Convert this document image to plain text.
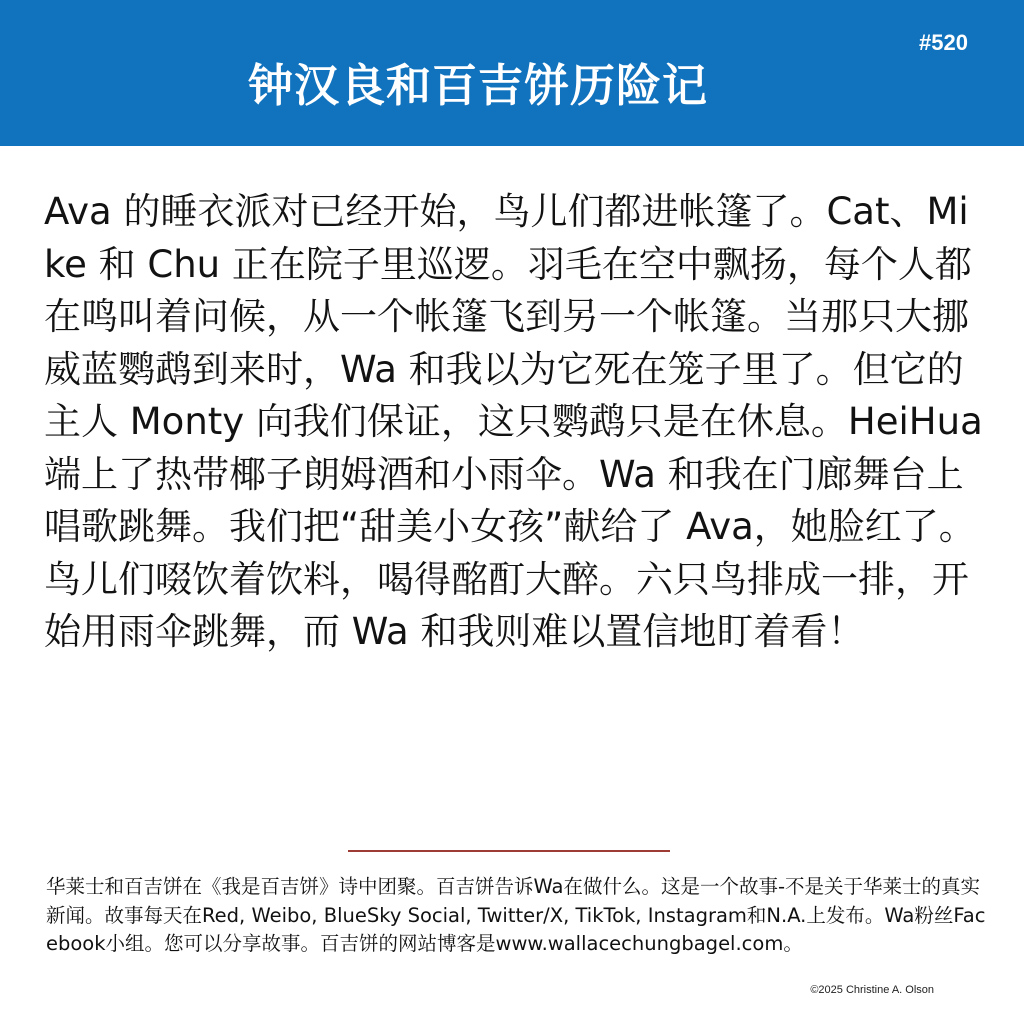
钟汉良和百吉饼历险记
#520

Ava 的睡衣派对已经开始，鸟儿们都进帐篷了。Cat、Mike 和 Chu 正在院子里巡逻。羽毛在空中飘扬，每个人都在鸣叫着问候，从一个帐篷飞到另一个帐篷。当那只大挪威蓝鹦鹉到来时，Wa 和我以为它死在笼子里了。但它的主人 Monty 向我们保证，这只鹦鹉只是在休息。HeiHua 端上了热带椰子朗姆酒和小雨伞。Wa 和我在门廊舞台上唱歌跳舞。我们把“甜美小女孩”献给了 Ava，她脸红了。鸟儿们啜饮着饮料，喝得酩酊大醉。六只鸟排成一排，开始用雨伞跳舞，而 Wa 和我则难以置信地盯着看！

华莱士和百吉饼在《我是百吉饼》诗中团聚。百吉饼告诉Wa在做什么。这是一个故事-不是关于华莱士的真实新闻。故事每天在Red, Weibo, BlueSky Social, Twitter/X, TikTok, Instagram和N.A.上发布。Wa粉丝Facebook小组。您可以分享故事。百吉饼的网站博客是www.wallacechungbagel.com。

©2025 Christine A. Olson
